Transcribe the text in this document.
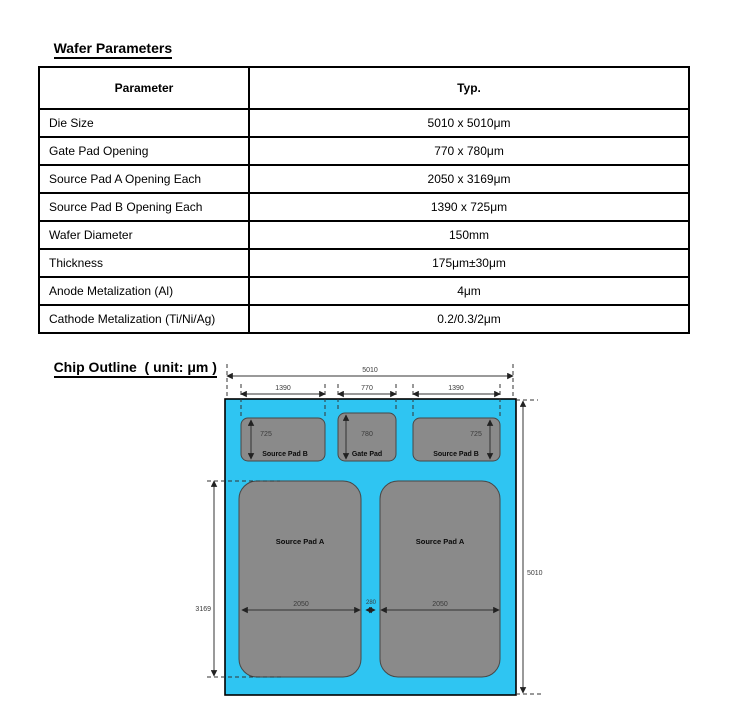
Wafer Parameters

Parameter	Typ.
Die Size	5010 x 5010μm
Gate Pad Opening	770 x 780μm
Source Pad A Opening Each	2050 x 3169μm
Source Pad B Opening Each	1390 x 725μm
Wafer Diameter	150mm
Thickness	175μm±30μm
Anode Metalization (Al)	4μm
Cathode Metalization (Ti/Ni/Ag)	0.2/0.3/2μm

Chip Outline  ( unit: μm )
	5010
1390	770	1390
725	780	725
2050	280	2050
3169
5010
Source Pad B	Gate Pad	Source Pad B
Source Pad A	Source Pad A
